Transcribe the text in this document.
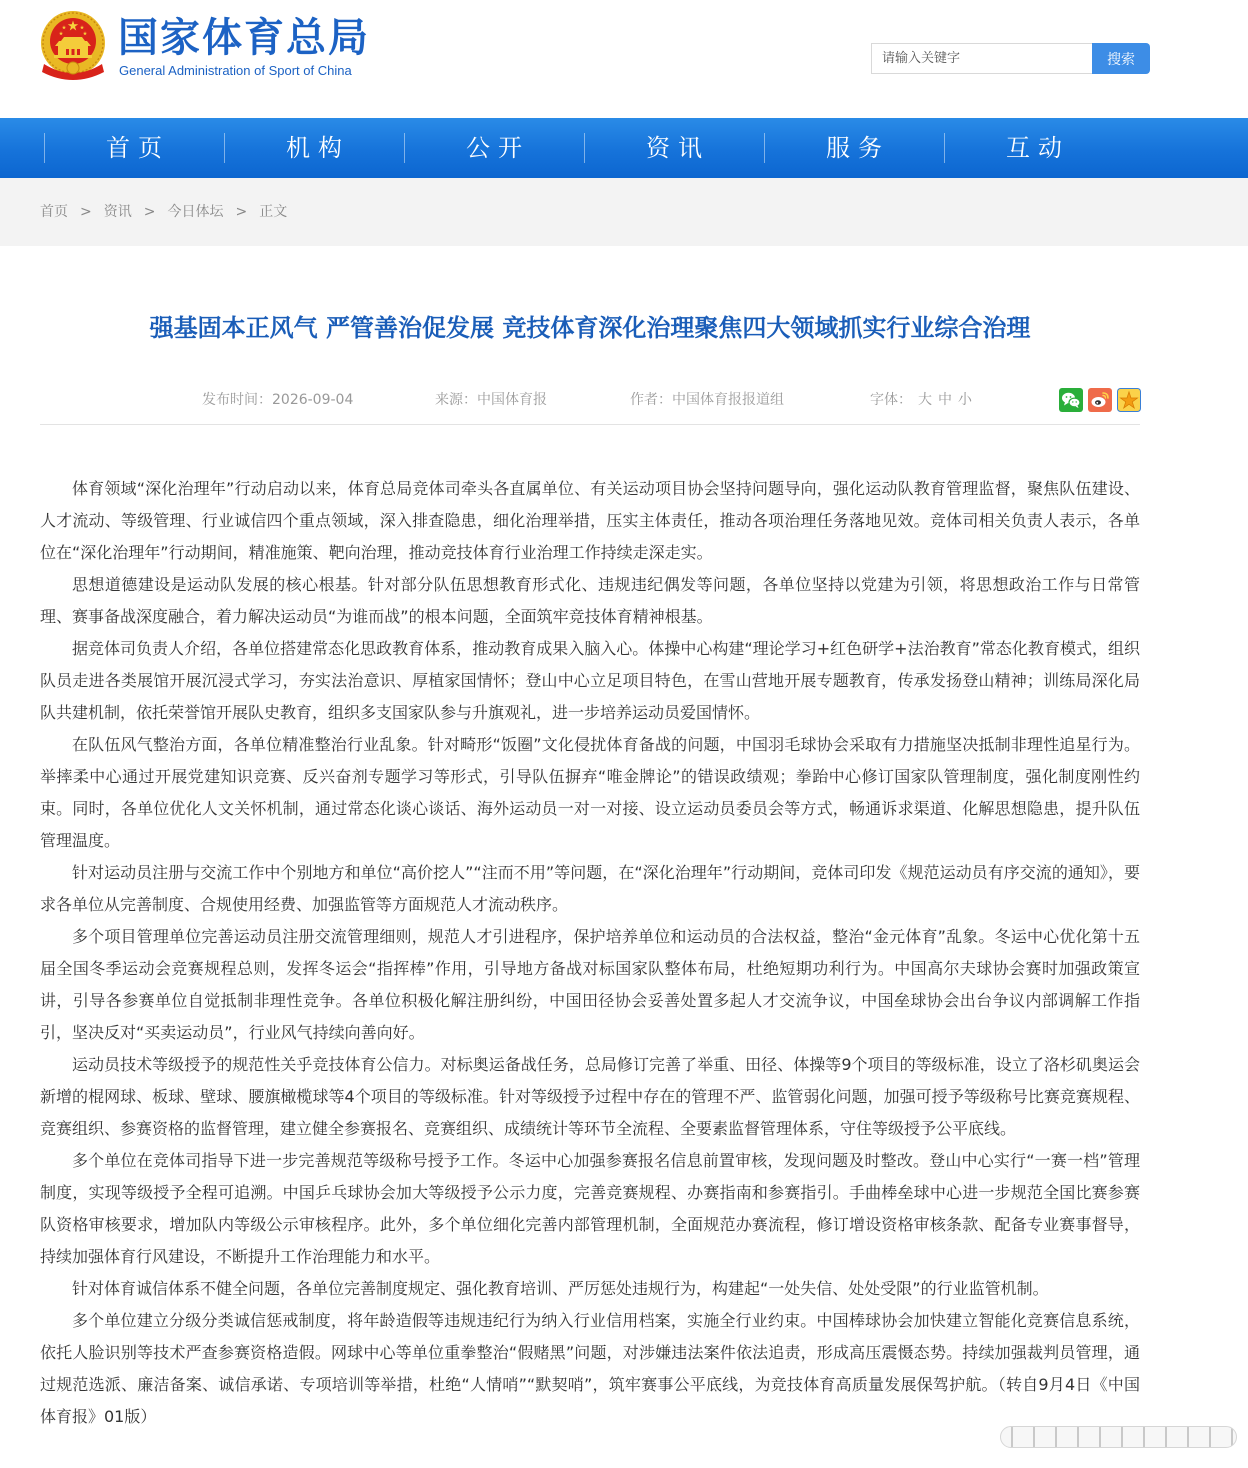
国家体育总局
General Administration of Sport of China
请输入关键字
搜索
首页	机构	公开	资讯	服务	互动
首页 > 资讯 > 今日体坛 > 正文
强基固本正风气 严管善治促发展 竞技体育深化治理聚焦四大领域抓实行业综合治理
发布时间：2026-09-04	来源：中国体育报	作者：中国体育报报道组	字体： 大 中 小

体育领域“深化治理年”行动启动以来，体育总局竞体司牵头各直属单位、有关运动项目协会坚持问题导向，强化运动队教育管理监督，聚焦队伍建设、人才流动、等级管理、行业诚信四个重点领域，深入排查隐患，细化治理举措，压实主体责任，推动各项治理任务落地见效。竞体司相关负责人表示，各单位在“深化治理年”行动期间，精准施策、靶向治理，推动竞技体育行业治理工作持续走深走实。

思想道德建设是运动队发展的核心根基。针对部分队伍思想教育形式化、违规违纪偶发等问题，各单位坚持以党建为引领，将思想政治工作与日常管理、赛事备战深度融合，着力解决运动员“为谁而战”的根本问题，全面筑牢竞技体育精神根基。

据竞体司负责人介绍，各单位搭建常态化思政教育体系，推动教育成果入脑入心。体操中心构建“理论学习+红色研学+法治教育”常态化教育模式，组织队员走进各类展馆开展沉浸式学习，夯实法治意识、厚植家国情怀；登山中心立足项目特色，在雪山营地开展专题教育，传承发扬登山精神；训练局深化局队共建机制，依托荣誉馆开展队史教育，组织多支国家队参与升旗观礼，进一步培养运动员爱国情怀。

在队伍风气整治方面，各单位精准整治行业乱象。针对畸形“饭圈”文化侵扰体育备战的问题，中国羽毛球协会采取有力措施坚决抵制非理性追星行为。举摔柔中心通过开展党建知识竞赛、反兴奋剂专题学习等形式，引导队伍摒弃“唯金牌论”的错误政绩观；拳跆中心修订国家队管理制度，强化制度刚性约束。同时，各单位优化人文关怀机制，通过常态化谈心谈话、海外运动员一对一对接、设立运动员委员会等方式，畅通诉求渠道、化解思想隐患，提升队伍管理温度。

针对运动员注册与交流工作中个别地方和单位“高价挖人”“注而不用”等问题，在“深化治理年”行动期间，竞体司印发《规范运动员有序交流的通知》，要求各单位从完善制度、合规使用经费、加强监管等方面规范人才流动秩序。

多个项目管理单位完善运动员注册交流管理细则，规范人才引进程序，保护培养单位和运动员的合法权益，整治“金元体育”乱象。冬运中心优化第十五届全国冬季运动会竞赛规程总则，发挥冬运会“指挥棒”作用，引导地方备战对标国家队整体布局，杜绝短期功利行为。中国高尔夫球协会赛时加强政策宣讲，引导各参赛单位自觉抵制非理性竞争。各单位积极化解注册纠纷，中国田径协会妥善处置多起人才交流争议，中国垒球协会出台争议内部调解工作指引，坚决反对“买卖运动员”，行业风气持续向善向好。

运动员技术等级授予的规范性关乎竞技体育公信力。对标奥运备战任务，总局修订完善了举重、田径、体操等9个项目的等级标准，设立了洛杉矶奥运会新增的棍网球、板球、壁球、腰旗橄榄球等4个项目的等级标准。针对等级授予过程中存在的管理不严、监管弱化问题，加强可授予等级称号比赛竞赛规程、竞赛组织、参赛资格的监督管理，建立健全参赛报名、竞赛组织、成绩统计等环节全流程、全要素监督管理体系，守住等级授予公平底线。

多个单位在竞体司指导下进一步完善规范等级称号授予工作。冬运中心加强参赛报名信息前置审核，发现问题及时整改。登山中心实行“一赛一档”管理制度，实现等级授予全程可追溯。中国乒乓球协会加大等级授予公示力度，完善竞赛规程、办赛指南和参赛指引。手曲棒垒球中心进一步规范全国比赛参赛队资格审核要求，增加队内等级公示审核程序。此外，多个单位细化完善内部管理机制，全面规范办赛流程，修订增设资格审核条款、配备专业赛事督导，持续加强体育行风建设，不断提升工作治理能力和水平。

针对体育诚信体系不健全问题，各单位完善制度规定、强化教育培训、严厉惩处违规行为，构建起“一处失信、处处受限”的行业监管机制。

多个单位建立分级分类诚信惩戒制度，将年龄造假等违规违纪行为纳入行业信用档案，实施全行业约束。中国棒球协会加快建立智能化竞赛信息系统，依托人脸识别等技术严查参赛资格造假。网球中心等单位重拳整治“假赌黑”问题，对涉嫌违法案件依法追责，形成高压震慑态势。持续加强裁判员管理，通过规范选派、廉洁备案、诚信承诺、专项培训等举措，杜绝“人情哨”“默契哨”，筑牢赛事公平底线，为竞技体育高质量发展保驾护航。（转自9月4日《中国体育报》01版）
